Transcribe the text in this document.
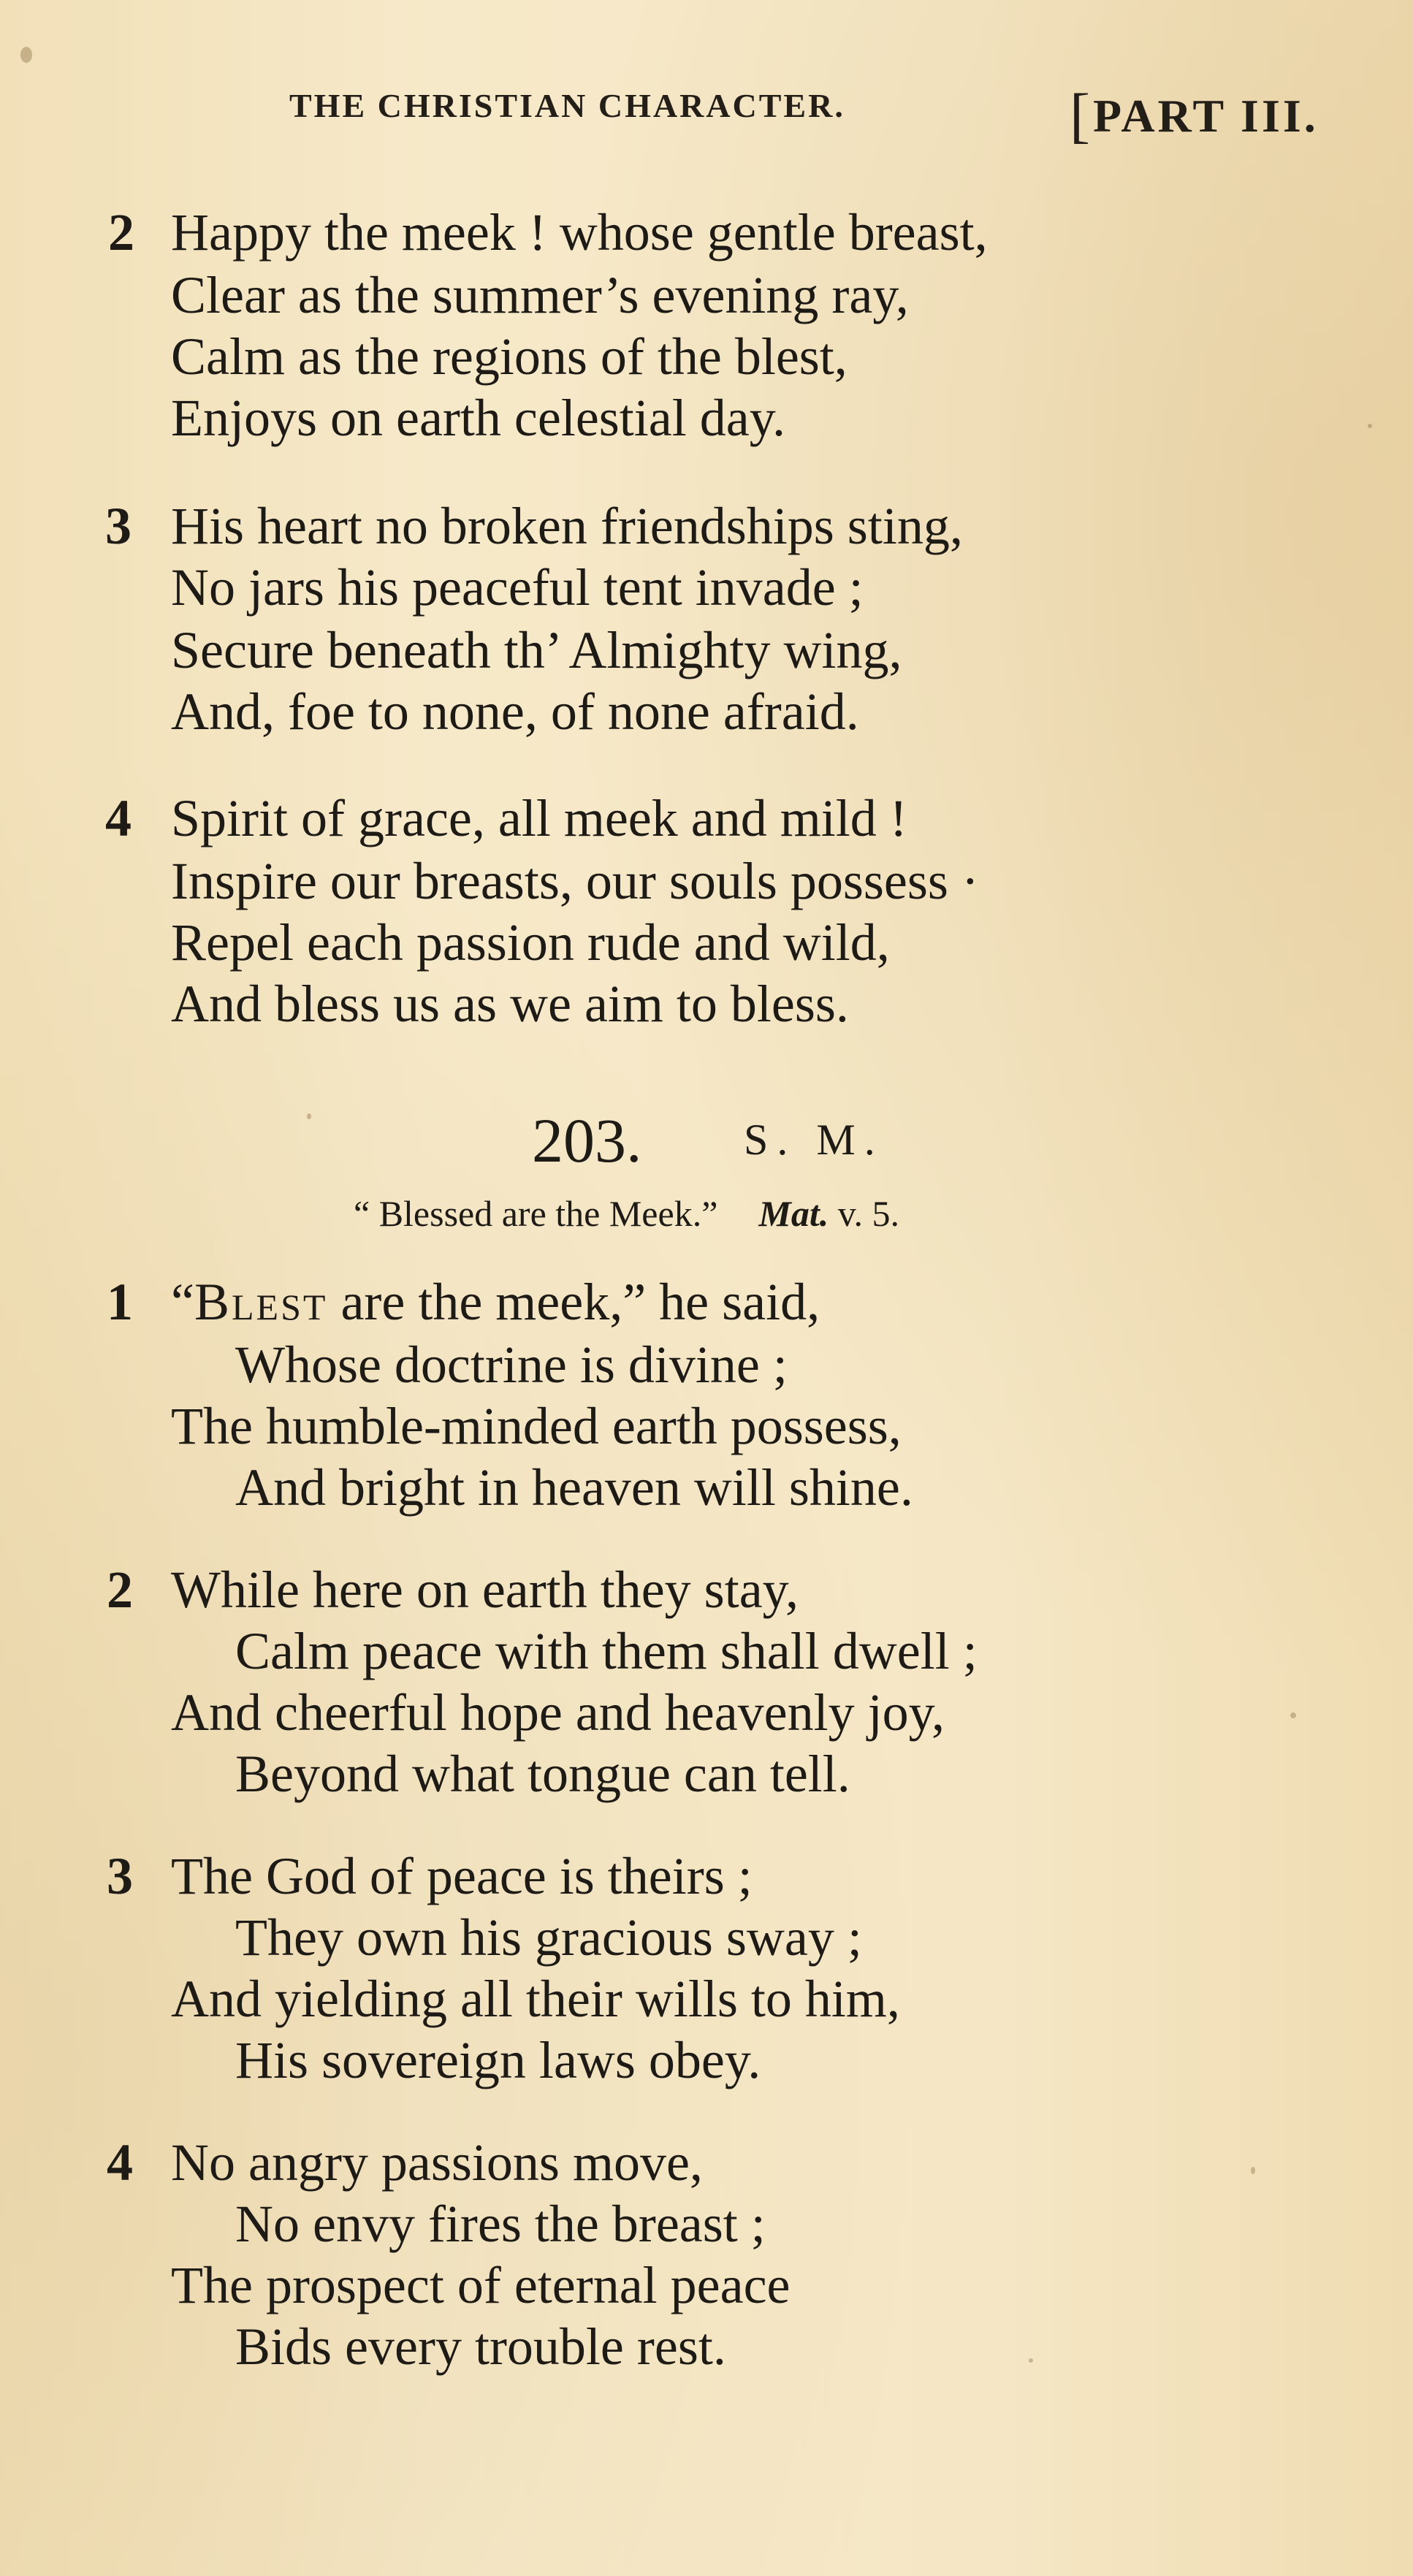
THE CHRISTIAN CHARACTER.	[PART III.
2 Happy the meek ! whose gentle breast,
Clear as the summer’s evening ray,
Calm as the regions of the blest,
Enjoys on earth celestial day.
3 His heart no broken friendships sting,
No jars his peaceful tent invade ;
Secure beneath th’ Almighty wing,
And, foe to none, of none afraid.
4 Spirit of grace, all meek and mild !
Inspire our breasts, our souls possess ·
Repel each passion rude and wild,
And bless us as we aim to bless.
203. S. M.
“ Blessed are the Meek.” Mat. v. 5.
1 “Blest are the meek,” he said,
Whose doctrine is divine ;
The humble-minded earth possess,
And bright in heaven will shine.
2 While here on earth they stay,
Calm peace with them shall dwell ;
And cheerful hope and heavenly joy,
Beyond what tongue can tell.
3 The God of peace is theirs ;
They own his gracious sway ;
And yielding all their wills to him,
His sovereign laws obey.
4 No angry passions move,
No envy fires the breast ;
The prospect of eternal peace
Bids every trouble rest.
